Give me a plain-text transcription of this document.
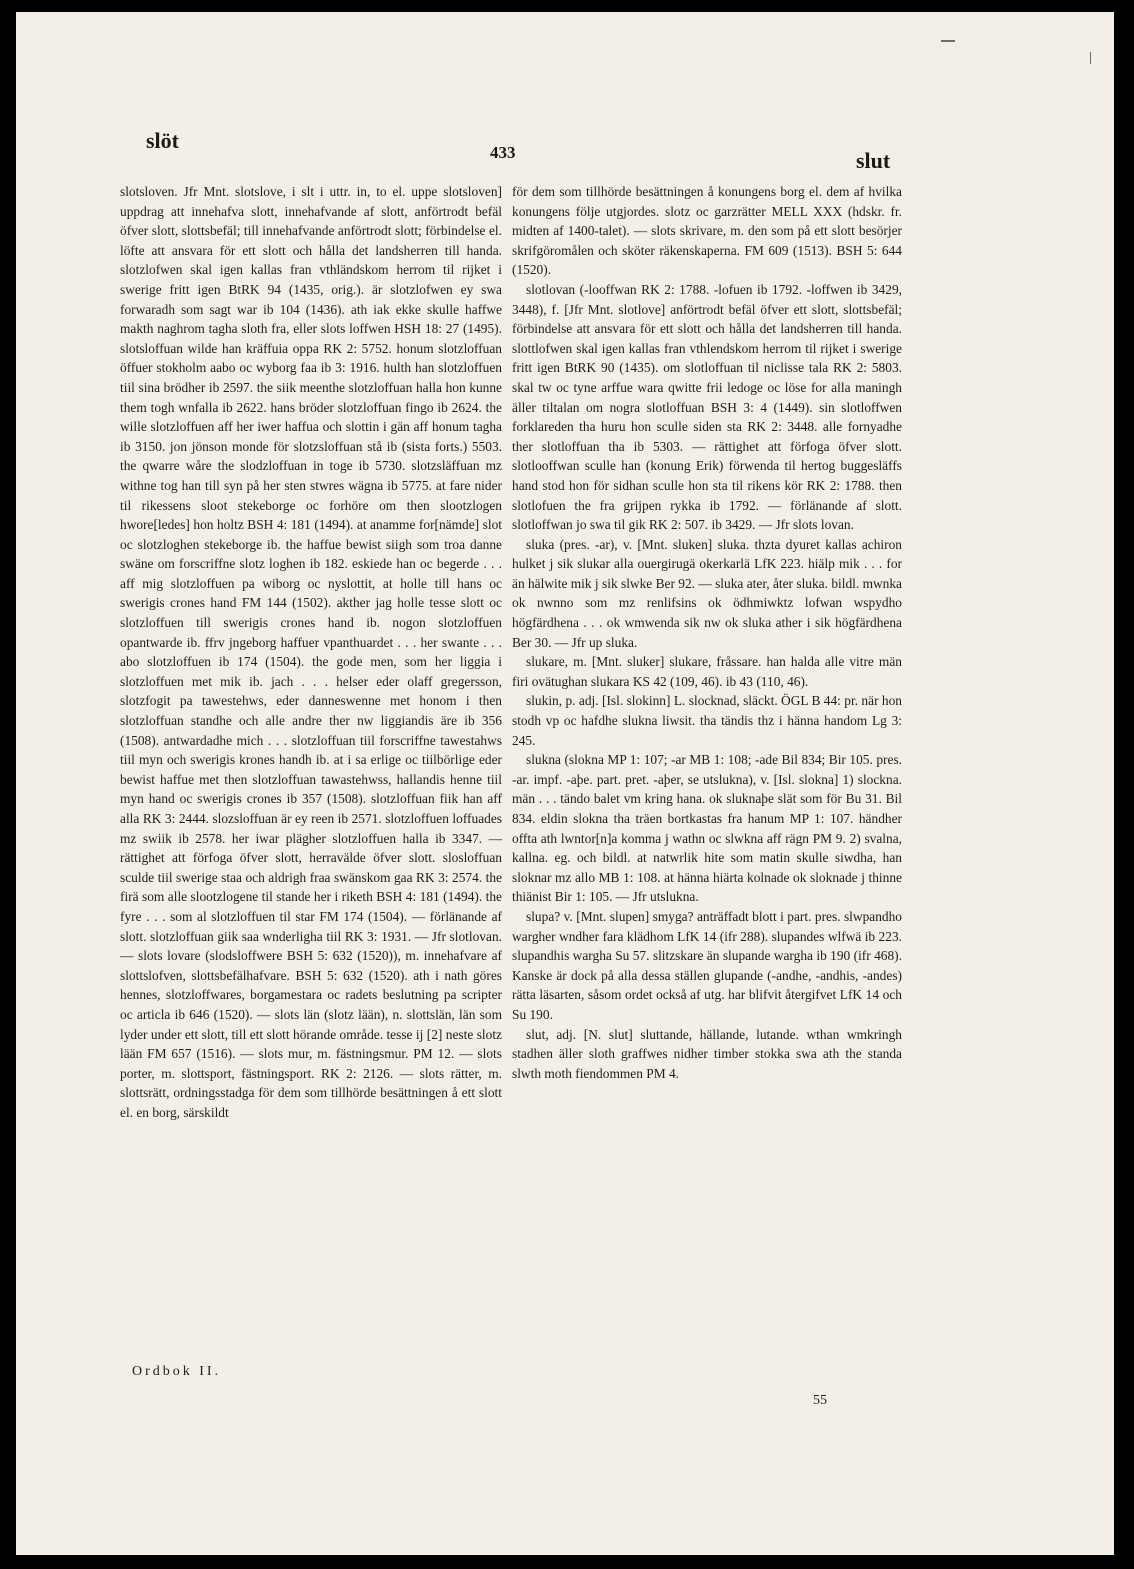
slöt	433	slut

slotsloven. Jfr Mnt. slotslove, i slt i uttr. in, to el. uppe slotsloven] uppdrag att innehafva slott, innehafvande af slott, anförtrodt befäl öfver slott, slottsbefäl; till innehafvande anförtrodt slott; förbindelse el. löfte att ansvara för ett slott och hålla det landsherren till handa. slotzlofwen skal igen kallas fran vthländskom herrom til rijket i swerige fritt igen BtRK 94 (1435, orig.). är slotzlofwen ey swa forwaradh som sagt war ib 104 (1436). ath iak ekke skulle haffwe makth naghrom tagha sloth fra, eller slots loffwen HSH 18: 27 (1495). slotsloffuan wilde han kräffuia oppa RK 2: 5752. honum slotzloffuan öffuer stokholm aabo oc wyborg faa ib 3: 1916. hulth han slotzloffuen tiil sina brödher ib 2597. the siik meenthe slotzloffuan halla hon kunne them togh wnfalla ib 2622. hans bröder slotzloffuan fingo ib 2624. the wille slotzloffuen aff her iwer haffua och slottin i gän aff honum tagha ib 3150. jon jönson monde för slotzsloffuan stå ib (sista forts.) 5503. the qwarre wåre the slodzloffuan in toge ib 5730. slotzsläffuan mz withne tog han till syn på her sten stwres wägna ib 5775. at fare nider til rikessens sloot stekeborge oc forhöre om then slootzlogen hwore[ledes] hon holtz BSH 4: 181 (1494). at anamme for[nämde] slot oc slotzloghen stekeborge ib. the haffue bewist siigh som troa danne swäne om forscriffne slotz loghen ib 182. eskiede han oc begerde . . . aff mig slotzloffuen pa wiborg oc nyslottit, at holle till hans oc swerigis crones hand FM 144 (1502). akther jag holle tesse slott oc slotzloffuen till swerigis crones hand ib. nogon slotzloffuen opantwarde ib. ffrv jngeborg haffuer vpanthuardet . . . her swante . . . abo slotzloffuen ib 174 (1504). the gode men, som her liggia i slotzloffuen met mik ib. jach . . . helser eder olaff gregersson, slotzfogit pa tawestehws, eder danneswenne met honom i then slotzloffuan standhe och alle andre ther nw liggiandis äre ib 356 (1508). antwardadhe mich . . . slotzloffuan tiil forscriffne tawestahws tiil myn och swerigis krones handh ib. at i sa erlige oc tiilbörlige eder bewist haffue met then slotzloffuan tawastehwss, hallandis henne tiil myn hand oc swerigis crones ib 357 (1508). slotzloffuan fiik han aff alla RK 3: 2444. slozsloffuan är ey reen ib 2571. slotzloffuen loffuades mz swiik ib 2578. her iwar plägher slotzloffuen halla ib 3347. — rättighet att förfoga öfver slott, herravälde öfver slott. slosloffuan sculde tiil swerige staa och aldrigh fraa swänskom gaa RK 3: 2574. the firä som alle slootzlogene til stande her i riketh BSH 4: 181 (1494). the fyre . . . som al slotzloffuen til star FM 174 (1504). — förlänande af slott. slotzloffuan giik saa wnderligha tiil RK 3: 1931. — Jfr slotlovan. — slots lovare (slodsloffwere BSH 5: 632 (1520)), m. innehafvare af slottslofven, slottsbefälhafvare. BSH 5: 632 (1520). ath i nath göres hennes, slotzloffwares, borgamestara oc radets beslutning pa scripter oc articla ib 646 (1520). — slots län (slotz lään), n. slottslän, län som lyder under ett slott, till ett slott hörande område. tesse ij [2] neste slotz lään FM 657 (1516). — slots mur, m. fästningsmur. PM 12. — slots porter, m. slottsport, fästningsport. RK 2: 2126. — slots rätter, m. slottsrätt, ordningsstadga för dem som tillhörde besättningen å ett slott el. en borg, särskildt

för dem som tillhörde besättningen å konungens borg el. dem af hvilka konungens följe utgjordes. slotz oc garzrätter MELL XXX (hdskr. fr. midten af 1400-talet). — slots skrivare, m. den som på ett slott besörjer skrifgöromålen och sköter räkenskaperna. FM 609 (1513). BSH 5: 644 (1520).

slotlovan (-looffwan RK 2: 1788. -lofuen ib 1792. -loffwen ib 3429, 3448), f. [Jfr Mnt. slotlove] anförtrodt befäl öfver ett slott, slottsbefäl; förbindelse att ansvara för ett slott och hålla det landsherren till handa. slottlofwen skal igen kallas fran vthlendskom herrom til rijket i swerige fritt igen BtRK 90 (1435). om slotloffuan til niclisse tala RK 2: 5803. skal tw oc tyne arffue wara qwitte frii ledoge oc löse for alla maningh äller tiltalan om nogra slotloffuan BSH 3: 4 (1449). sin slotloffwen forklareden tha huru hon sculle siden sta RK 2: 3448. alle fornyadhe ther slotloffuan tha ib 5303. — rättighet att förfoga öfver slott. slotlooffwan sculle han (konung Erik) förwenda til hertog buggesläffs hand stod hon för sidhan sculle hon sta til rikens kör RK 2: 1788. then slotlofuen the fra grijpen rykka ib 1792. — förlänande af slott. slotloffwan jo swa til gik RK 2: 507. ib 3429. — Jfr slots lovan.

sluka (pres. -ar), v. [Mnt. sluken] sluka. thzta dyuret kallas achiron hulket j sik slukar alla ouergirugä okerkarlä LfK 223. hiälp mik . . . for än hälwite mik j sik slwke Ber 92. — sluka ater, åter sluka. bildl. mwnka ok nwnno som mz renlifsins ok ödhmiwktz lofwan wspydho högfärdhena . . . ok wmwenda sik nw ok sluka ather i sik högfärdhena Ber 30. — Jfr up sluka.

slukare, m. [Mnt. sluker] slukare, fråssare. han halda alle vitre män firi ovätughan slukara KS 42 (109, 46). ib 43 (110, 46).

slukin, p. adj. [Isl. slokinn] L. slocknad, släckt. ÖGL B 44: pr. när hon stodh vp oc hafdhe slukna liwsit. tha tändis thz i hänna handom Lg 3: 245.

slukna (slokna MP 1: 107; -ar MB 1: 108; -ade Bil 834; Bir 105. pres. -ar. impf. -aþe. part. pret. -aþer, se utslukna), v. [Isl. slokna] 1) slockna. män . . . tändo balet vm kring hana. ok sluknaþe slät som för Bu 31. Bil 834. eldin slokna tha träen bortkastas fra hanum MP 1: 107. händher offta ath lwntor[n]a komma j wathn oc slwkna aff rägn PM 9. 2) svalna, kallna. eg. och bildl. at natwrlik hite som matin skulle siwdha, han sloknar mz allo MB 1: 108. at hänna hiärta kolnade ok sloknade j thinne thiänist Bir 1: 105. — Jfr utslukna.

slupa? v. [Mnt. slupen] smyga? anträffadt blott i part. pres. slwpandho wargher wndher fara klädhom LfK 14 (ifr 288). slupandes wlfwä ib 223. slupandhis wargha Su 57. slitzskare än slupande wargha ib 190 (ifr 468). Kanske är dock på alla dessa ställen glupande (-andhe, -andhis, -andes) rätta läsarten, såsom ordet också af utg. har blifvit återgifvet LfK 14 och Su 190.

slut, adj. [N. slut] sluttande, hällande, lutande. wthan wmkringh stadhen äller sloth graffwes nidher timber stokka swa ath the standa slwth moth fiendommen PM 4.

Ordbok II.
55
